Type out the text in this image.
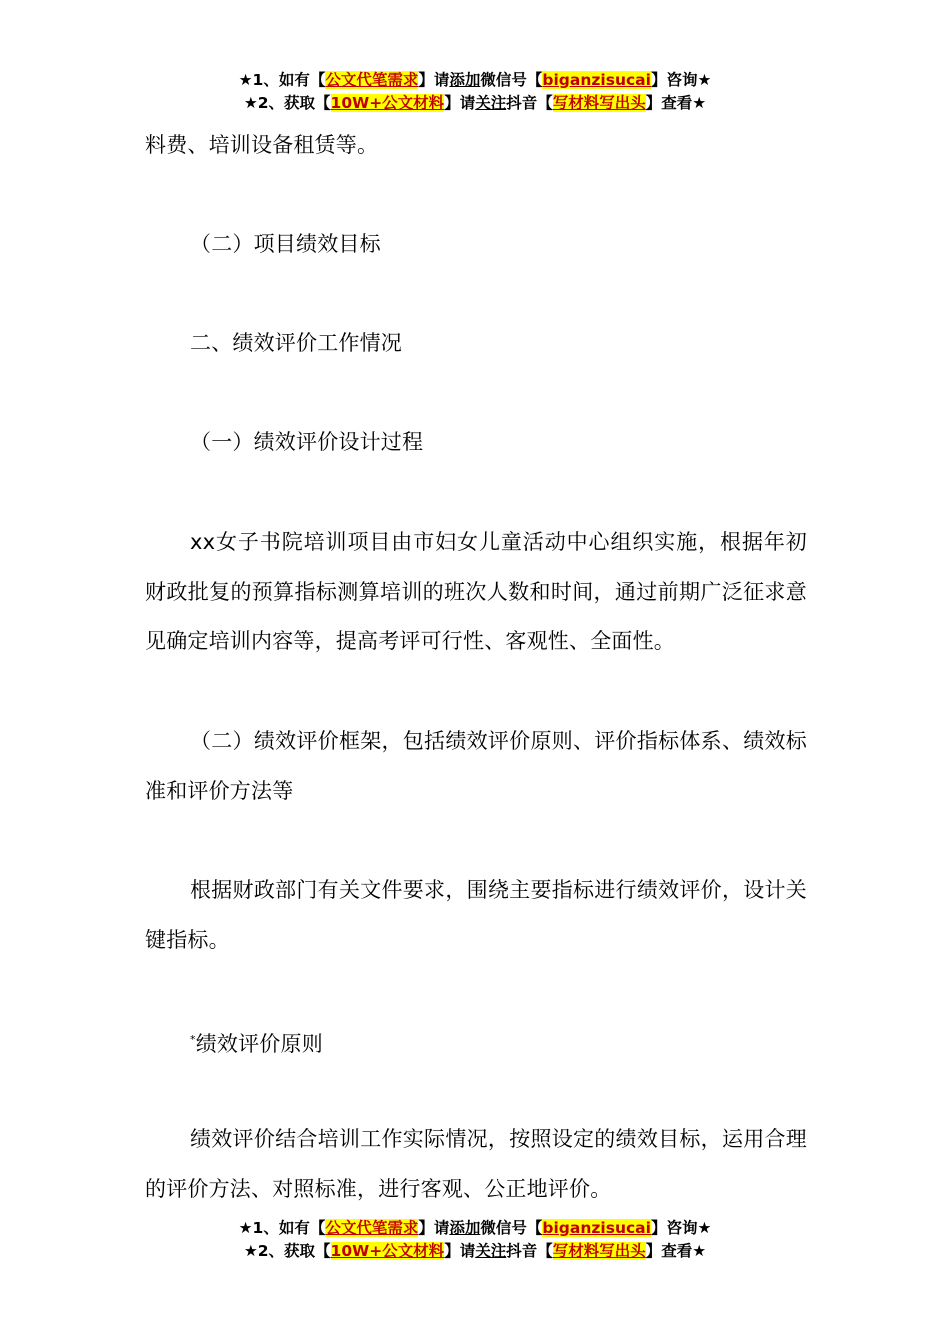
★1、如有【公文代笔需求】请添加微信号【biganzisucai】咨询★
★2、获取【10W+公文材料】请关注抖音【写材料写出头】查看★

料费、培训设备租赁等。

（二）项目绩效目标

二、绩效评价工作情况

（一）绩效评价设计过程

xx女子书院培训项目由市妇女儿童活动中心组织实施，根据年初财政批复的预算指标测算培训的班次人数和时间，通过前期广泛征求意见确定培训内容等，提高考评可行性、客观性、全面性。

（二）绩效评价框架，包括绩效评价原则、评价指标体系、绩效标准和评价方法等

根据财政部门有关文件要求，围绕主要指标进行绩效评价，设计关键指标。

*绩效评价原则

绩效评价结合培训工作实际情况，按照设定的绩效目标，运用合理的评价方法、对照标准，进行客观、公正地评价。

★1、如有【公文代笔需求】请添加微信号【biganzisucai】咨询★
★2、获取【10W+公文材料】请关注抖音【写材料写出头】查看★
